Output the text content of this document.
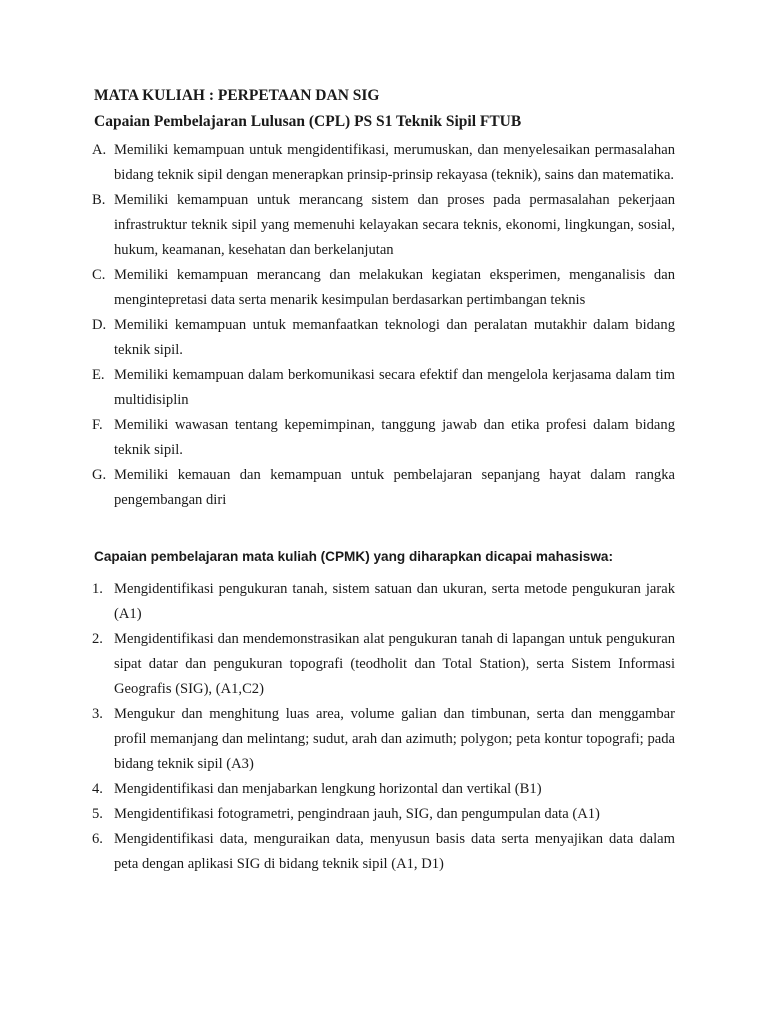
MATA KULIAH : PERPETAAN DAN SIG

Capaian Pembelajaran Lulusan (CPL) PS S1 Teknik Sipil FTUB

A. Memiliki kemampuan untuk mengidentifikasi, merumuskan, dan menyelesaikan permasalahan bidang teknik sipil dengan menerapkan prinsip-prinsip rekayasa (teknik), sains dan matematika.
B. Memiliki kemampuan untuk merancang sistem dan proses pada permasalahan pekerjaan infrastruktur teknik sipil yang memenuhi kelayakan secara teknis, ekonomi, lingkungan, sosial, hukum, keamanan, kesehatan dan berkelanjutan
C. Memiliki kemampuan merancang dan melakukan kegiatan eksperimen, menganalisis dan mengintepretasi data serta menarik kesimpulan berdasarkan pertimbangan teknis
D. Memiliki kemampuan untuk memanfaatkan teknologi dan peralatan mutakhir dalam bidang teknik sipil.
E. Memiliki kemampuan dalam berkomunikasi secara efektif dan mengelola kerjasama dalam tim multidisiplin
F. Memiliki wawasan tentang kepemimpinan, tanggung jawab dan etika profesi dalam bidang teknik sipil.
G. Memiliki kemauan dan kemampuan untuk pembelajaran sepanjang hayat dalam rangka pengembangan diri

Capaian pembelajaran mata kuliah (CPMK) yang diharapkan dicapai mahasiswa:

1. Mengidentifikasi pengukuran tanah, sistem satuan dan ukuran, serta metode pengukuran jarak (A1)
2. Mengidentifikasi dan mendemonstrasikan alat pengukuran tanah di lapangan untuk pengukuran sipat datar dan pengukuran topografi (teodholit dan Total Station), serta Sistem Informasi Geografis (SIG), (A1,C2)
3. Mengukur dan menghitung luas area, volume galian dan timbunan, serta dan menggambar profil memanjang dan melintang; sudut, arah dan azimuth; polygon; peta kontur topografi; pada bidang teknik sipil (A3)
4. Mengidentifikasi dan menjabarkan lengkung horizontal dan vertikal (B1)
5. Mengidentifikasi fotogrametri, pengindraan jauh, SIG, dan pengumpulan data (A1)
6. Mengidentifikasi data, menguraikan data, menyusun basis data serta menyajikan data dalam peta dengan aplikasi SIG di bidang teknik sipil (A1, D1)
